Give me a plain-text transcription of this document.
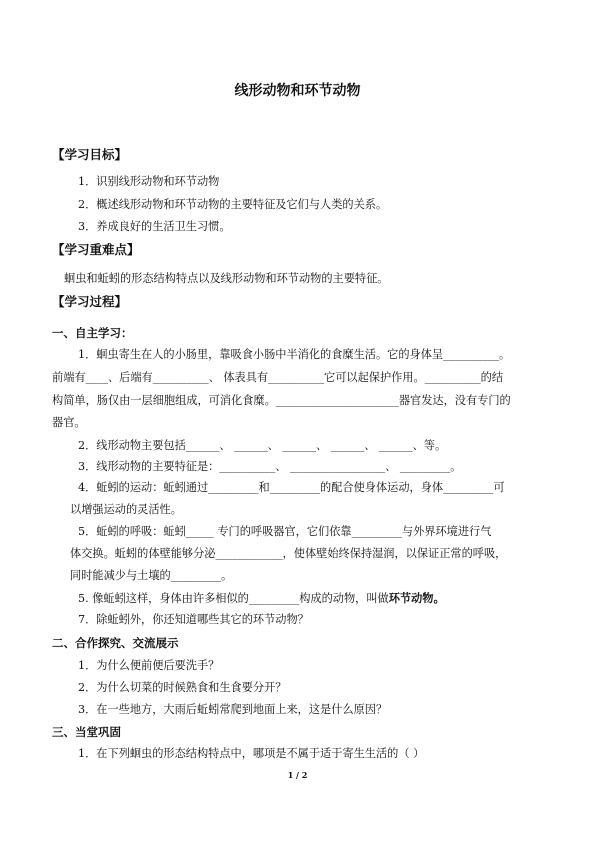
线形动物和环节动物
【学习目标】
1．识别线形动物和环节动物
2．概述线形动物和环节动物的主要特征及它们与人类的关系。
3．养成良好的生活卫生习惯。
【学习重难点】
蛔虫和蚯蚓的形态结构特点以及线形动物和环节动物的主要特征。
【学习过程】
一、自主学习：
1．蛔虫寄生在人的小肠里，靠吸食小肠中半消化的食糜生活。它的身体呈__________。
前端有____、后端有__________、 体表具有__________它可以起保护作用。__________的结
构简单，肠仅由一层细胞组成，可消化食糜。______________________器官发达，没有专门的
器官。
2．线形动物主要包括______、 ______、 ______、 ______、 ______、等。
3．线形动物的主要特征是：__________、 _________________、 _________。
4．蚯蚓的运动：蚯蚓通过_________和_________的配合使身体运动，身体_________可
以增强运动的灵活性。
5．蚯蚓的呼吸：蚯蚓_____ 专门的呼吸器官，它们依靠_________与外界环境进行气
体交换。蚯蚓的体壁能够分泌____________，使体壁始终保持湿润，以保证正常的呼吸，
同时能减少与土壤的_________。
5. 像蚯蚓这样，身体由许多相似的_________构成的动物，叫做环节动物。
7．除蚯蚓外，你还知道哪些其它的环节动物？
二、合作探究、交流展示
1．为什么便前便后要洗手？
2．为什么切菜的时候熟食和生食要分开？
3．在一些地方，大雨后蚯蚓常爬到地面上来，这是什么原因？
三、当堂巩固
1．在下列蛔虫的形态结构特点中，哪项是不属于适于寄生生活的（ ）
1 / 2
